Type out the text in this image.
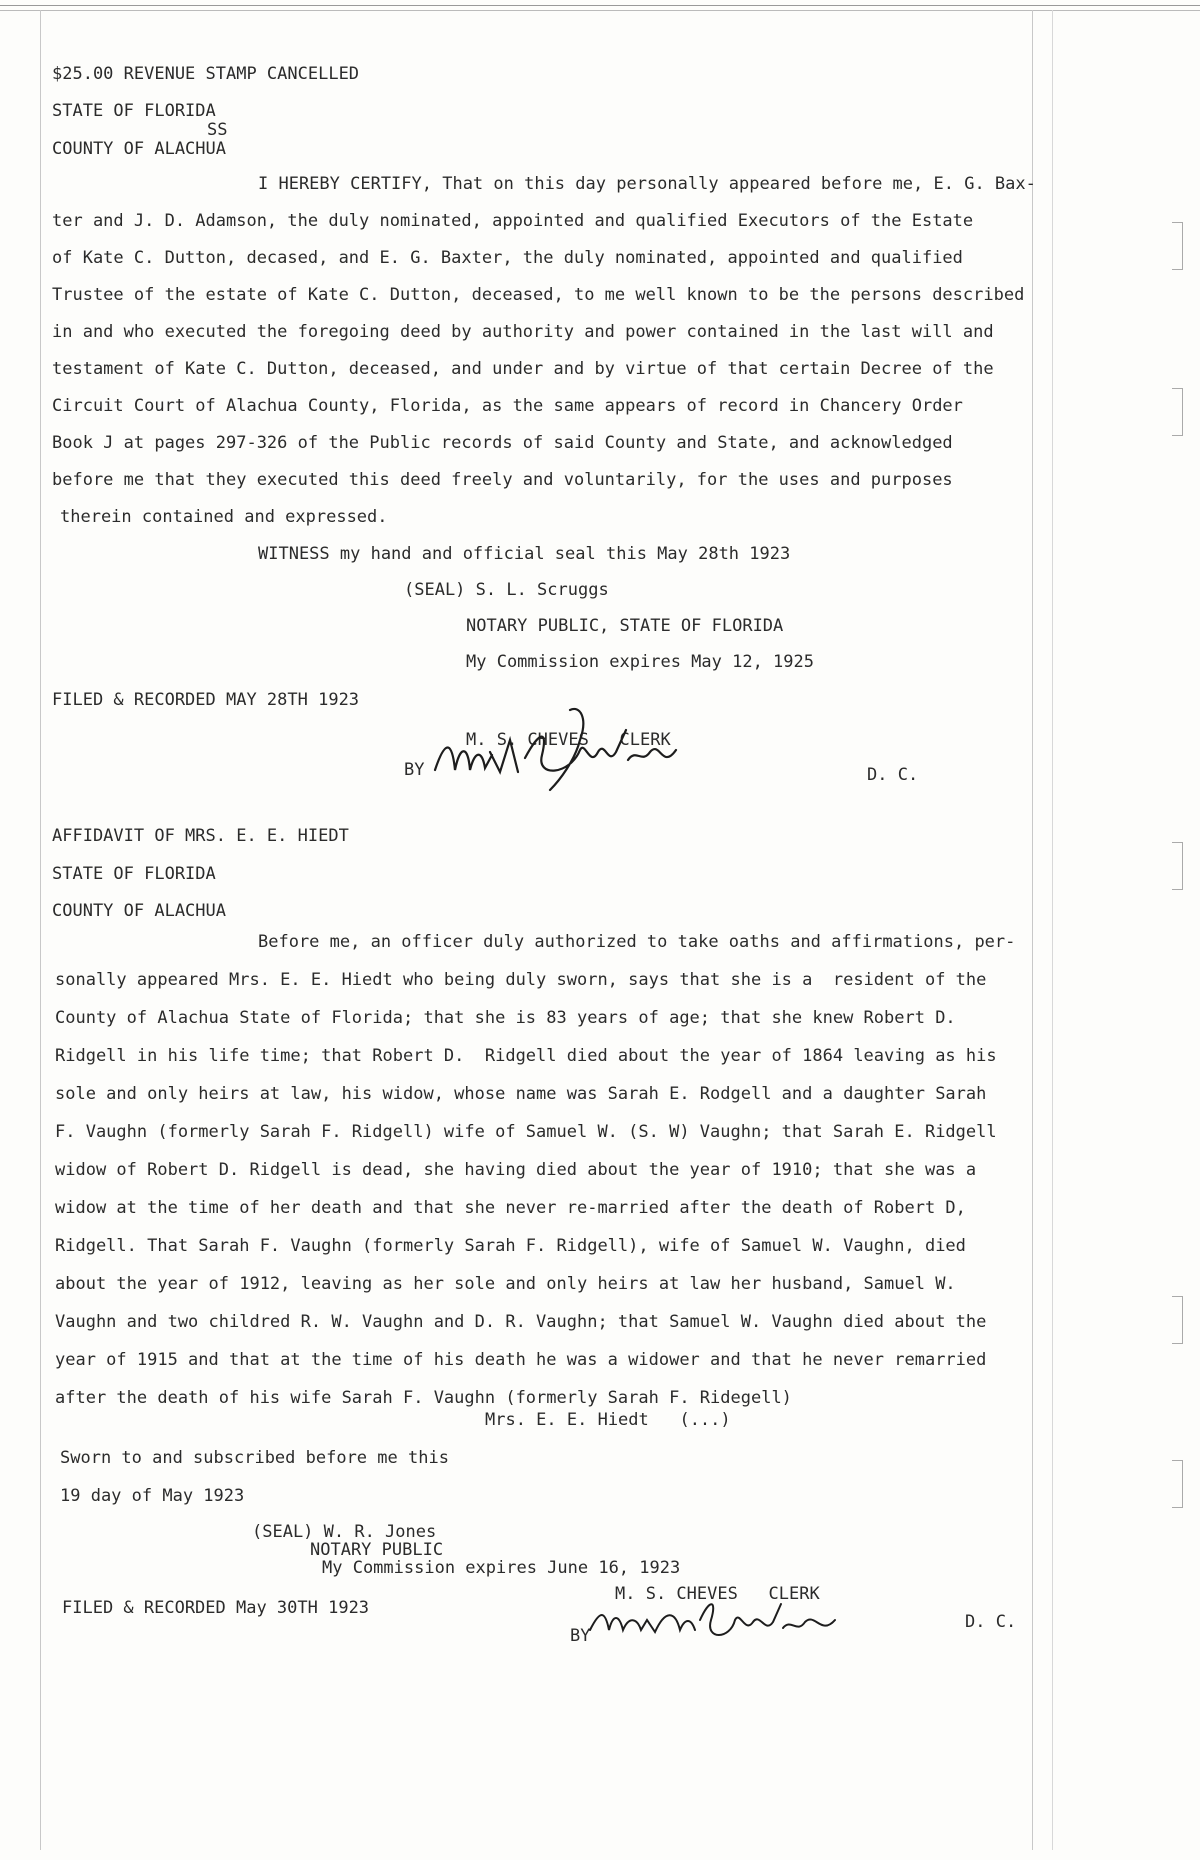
$25.00 REVENUE STAMP CANCELLED
STATE OF FLORIDA
SS
COUNTY OF ALACHUA
I HEREBY CERTIFY, That on this day personally appeared before me, E. G. Bax-
ter and J. D. Adamson, the duly nominated, appointed and qualified Executors of the Estate
of Kate C. Dutton, decased, and E. G. Baxter, the duly nominated, appointed and qualified
Trustee of the estate of Kate C. Dutton, deceased, to me well known to be the persons described
in and who executed the foregoing deed by authority and power contained in the last will and
testament of Kate C. Dutton, deceased, and under and by virtue of that certain Decree of the
Circuit Court of Alachua County, Florida, as the same appears of record in Chancery Order
Book J at pages 297-326 of the Public records of said County and State, and acknowledged
before me that they executed this deed freely and voluntarily, for the uses and purposes
therein contained and expressed.
WITNESS my hand and official seal this May 28th 1923
(SEAL) S. L. Scruggs
NOTARY PUBLIC, STATE OF FLORIDA
My Commission expires May 12, 1925
FILED & RECORDED MAY 28TH 1923
M. S. CHEVES   CLERK
BY	D. C.
AFFIDAVIT OF MRS. E. E. HIEDT
STATE OF FLORIDA
COUNTY OF ALACHUA
Before me, an officer duly authorized to take oaths and affirmations, per-
sonally appeared Mrs. E. E. Hiedt who being duly sworn, says that she is a  resident of the
County of Alachua State of Florida; that she is 83 years of age; that she knew Robert D.
Ridgell in his life time; that Robert D.  Ridgell died about the year of 1864 leaving as his
sole and only heirs at law, his widow, whose name was Sarah E. Rodgell and a daughter Sarah
F. Vaughn (formerly Sarah F. Ridgell) wife of Samuel W. (S. W) Vaughn; that Sarah E. Ridgell
widow of Robert D. Ridgell is dead, she having died about the year of 1910; that she was a
widow at the time of her death and that she never re-married after the death of Robert D,
Ridgell. That Sarah F. Vaughn (formerly Sarah F. Ridgell), wife of Samuel W. Vaughn, died
about the year of 1912, leaving as her sole and only heirs at law her husband, Samuel W.
Vaughn and two childred R. W. Vaughn and D. R. Vaughn; that Samuel W. Vaughn died about the
year of 1915 and that at the time of his death he was a widower and that he never remarried
after the death of his wife Sarah F. Vaughn (formerly Sarah F. Ridegell)
Mrs. E. E. Hiedt   (...)
Sworn to and subscribed before me this
19 day of May 1923
(SEAL) W. R. Jones
NOTARY PUBLIC
My Commission expires June 16, 1923
FILED & RECORDED May 30TH 1923
M. S. CHEVES   CLERK
BY
D. C.
